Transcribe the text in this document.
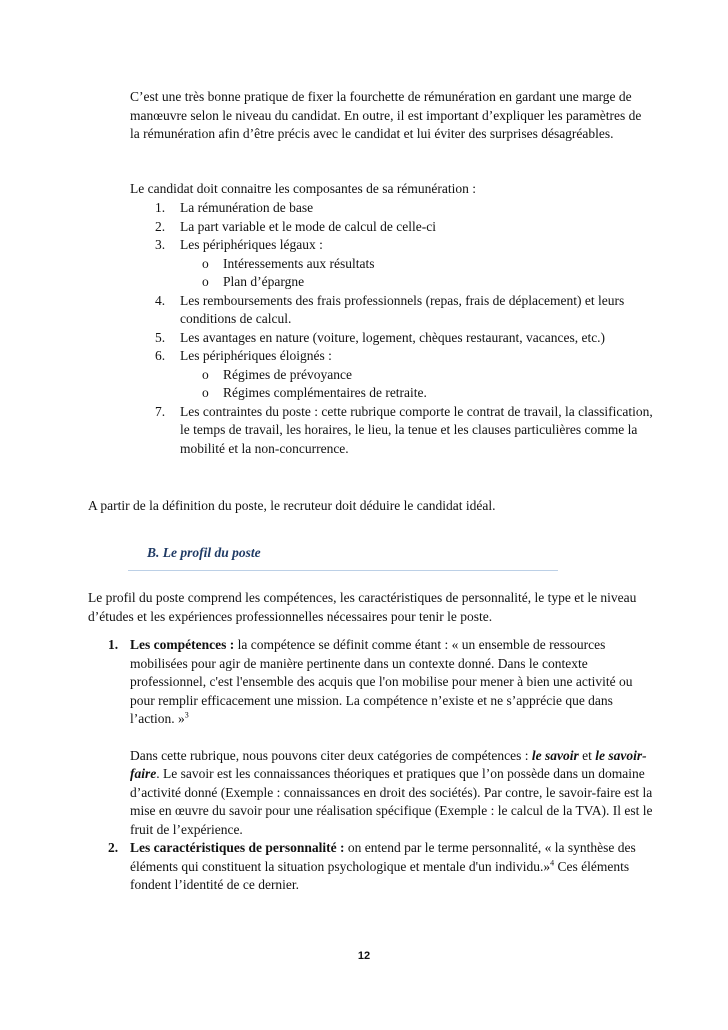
C’est une très bonne pratique de fixer la fourchette de rémunération en gardant une marge de manœuvre selon le niveau du candidat. En outre, il est important d’expliquer les paramètres de la rémunération afin d’être précis avec le candidat et lui éviter des surprises désagréables.

Le candidat doit connaitre les composantes de sa rémunération :

1. La rémunération de base
2. La part variable et le mode de calcul de celle-ci
3. Les périphériques légaux :
o Intéressements aux résultats
o Plan d’épargne
4. Les remboursements des frais professionnels (repas, frais de déplacement) et leurs conditions de calcul.
5. Les avantages en nature (voiture, logement, chèques restaurant, vacances, etc.)
6. Les périphériques éloignés :
o Régimes de prévoyance
o Régimes complémentaires de retraite.
7. Les contraintes du poste : cette rubrique comporte le contrat de travail, la classification, le temps de travail, les horaires, le lieu, la tenue et les clauses particulières comme la mobilité et la non-concurrence.

A partir de la définition du poste, le recruteur doit déduire le candidat idéal.

B. Le profil du poste

Le profil du poste comprend les compétences, les caractéristiques de personnalité, le type et le niveau d’études et les expériences professionnelles nécessaires pour tenir le poste.

1. Les compétences : la compétence se définit comme étant : « un ensemble de ressources mobilisées pour agir de manière pertinente dans un contexte donné. Dans le contexte professionnel, c'est l'ensemble des acquis que l'on mobilise pour mener à bien une activité ou pour remplir efficacement une mission. La compétence n’existe et ne s’apprécie que dans l’action. »$^3$

Dans cette rubrique, nous pouvons citer deux catégories de compétences : le savoir et le savoir-faire. Le savoir est les connaissances théoriques et pratiques que l’on possède dans un domaine d’activité donné (Exemple : connaissances en droit des sociétés). Par contre, le savoir-faire est la mise en œuvre du savoir pour une réalisation spécifique (Exemple : le calcul de la TVA). Il est le fruit de l’expérience.

2. Les caractéristiques de personnalité : on entend par le terme personnalité, « la synthèse des éléments qui constituent la situation psychologique et mentale d'un individu.»$^4$ Ces éléments fondent l’identité de ce dernier.

12
